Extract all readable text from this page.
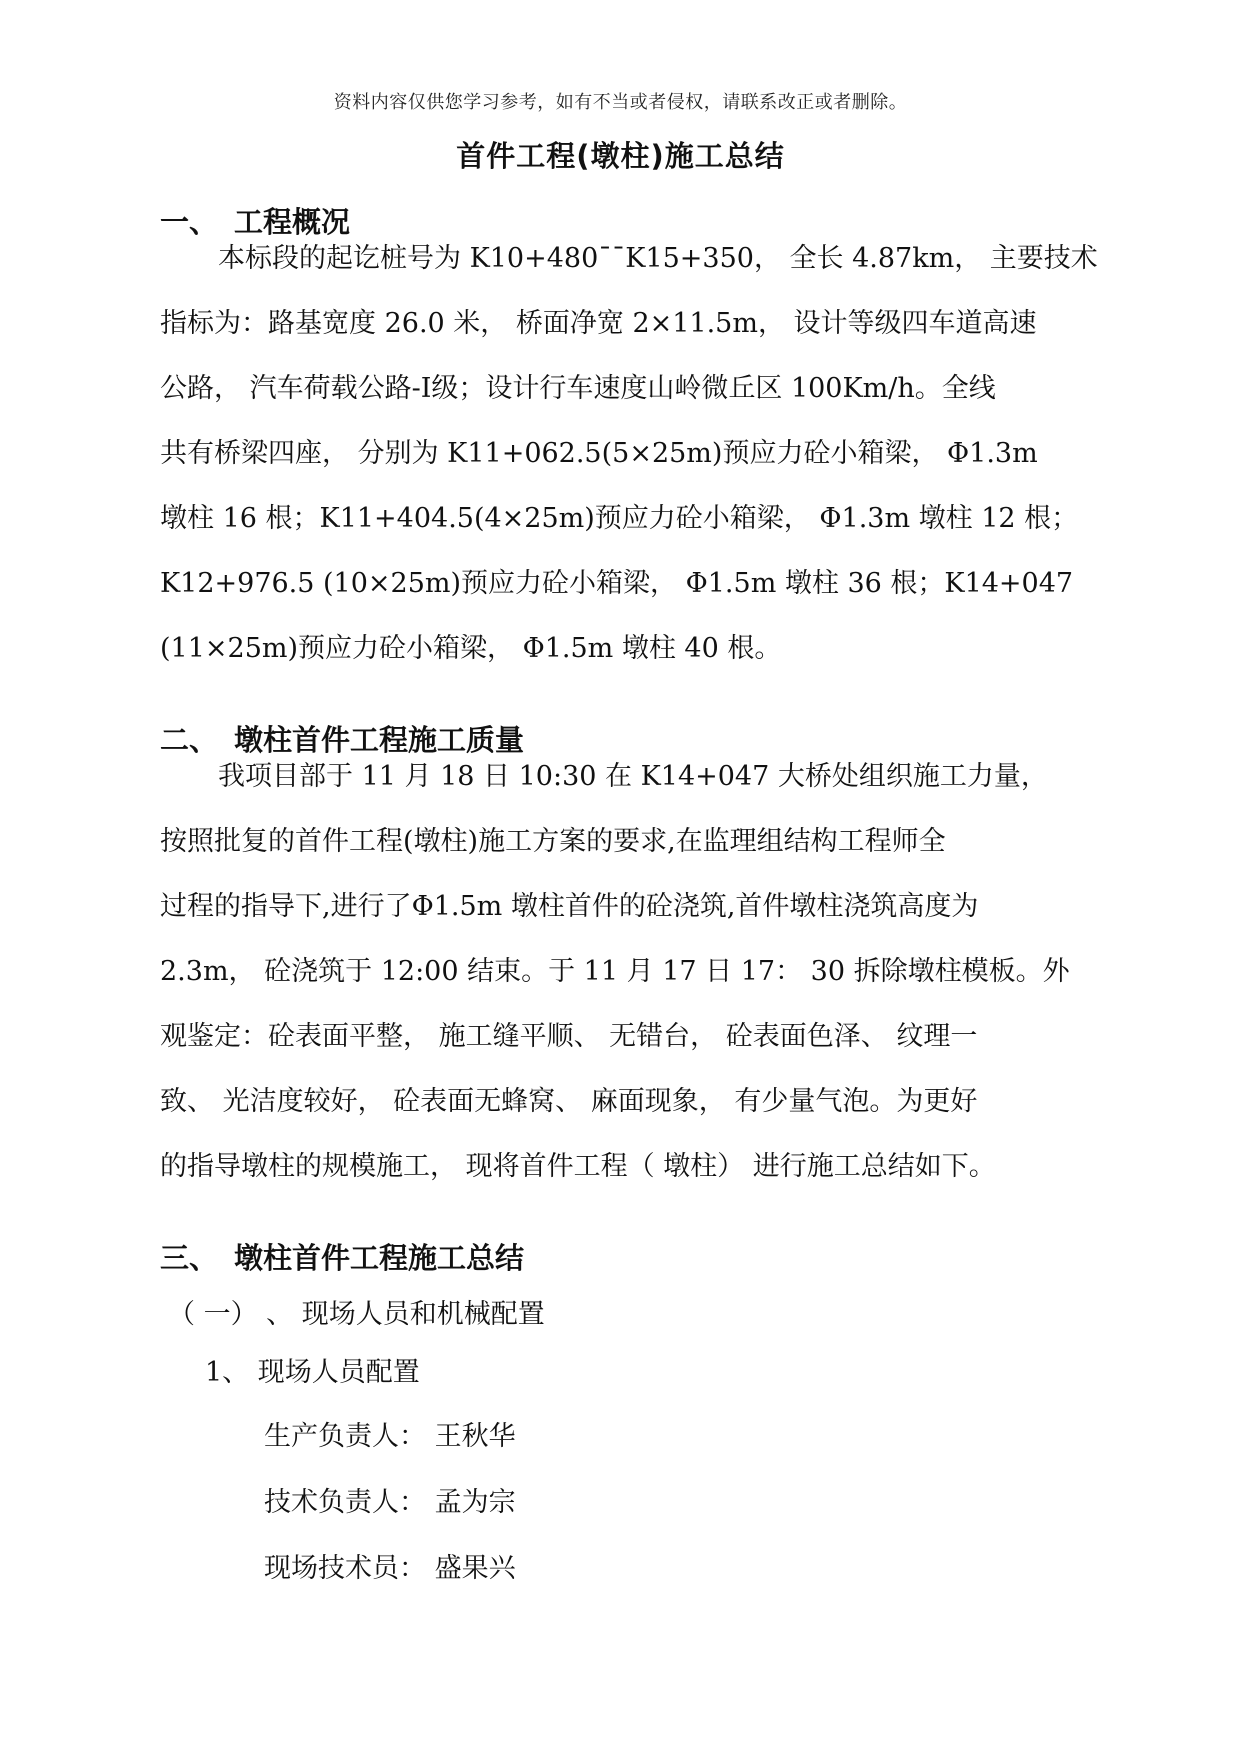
资料内容仅供您学习参考，如有不当或者侵权，请联系改正或者删除。
首件工程(墩柱)施工总结
一、 工程概况
本标段的起讫桩号为 K10+480¯¯K15+350， 全长 4.87km， 主要技术
指标为：路基宽度 26.0 米， 桥面净宽 2×11.5m， 设计等级四车道高速
公路， 汽车荷载公路-Ⅰ级；设计行车速度山岭微丘区 100Km/h。全线
共有桥梁四座， 分别为 K11+062.5(5×25m)预应力砼小箱梁， Φ1.3m
墩柱 16 根；K11+404.5(4×25m)预应力砼小箱梁， Φ1.3m 墩柱 12 根；
K12+976.5 (10×25m)预应力砼小箱梁， Φ1.5m 墩柱 36 根；K14+047
(11×25m)预应力砼小箱梁， Φ1.5m 墩柱 40 根。
二、 墩柱首件工程施工质量
我项目部于 11 月 18 日 10:30 在 K14+047 大桥处组织施工力量，
按照批复的首件工程(墩柱)施工方案的要求,在监理组结构工程师全
过程的指导下,进行了Φ1.5m 墩柱首件的砼浇筑,首件墩柱浇筑高度为
2.3m， 砼浇筑于 12:00 结束。于 11 月 17 日 17： 30 拆除墩柱模板。外
观鉴定：砼表面平整， 施工缝平顺、 无错台， 砼表面色泽、 纹理一
致、 光洁度较好， 砼表面无蜂窝、 麻面现象， 有少量气泡。为更好
的指导墩柱的规模施工， 现将首件工程（ 墩柱） 进行施工总结如下。
三、 墩柱首件工程施工总结
（ 一） 、 现场人员和机械配置
1、 现场人员配置
生产负责人： 王秋华
技术负责人： 孟为宗
现场技术员： 盛果兴
